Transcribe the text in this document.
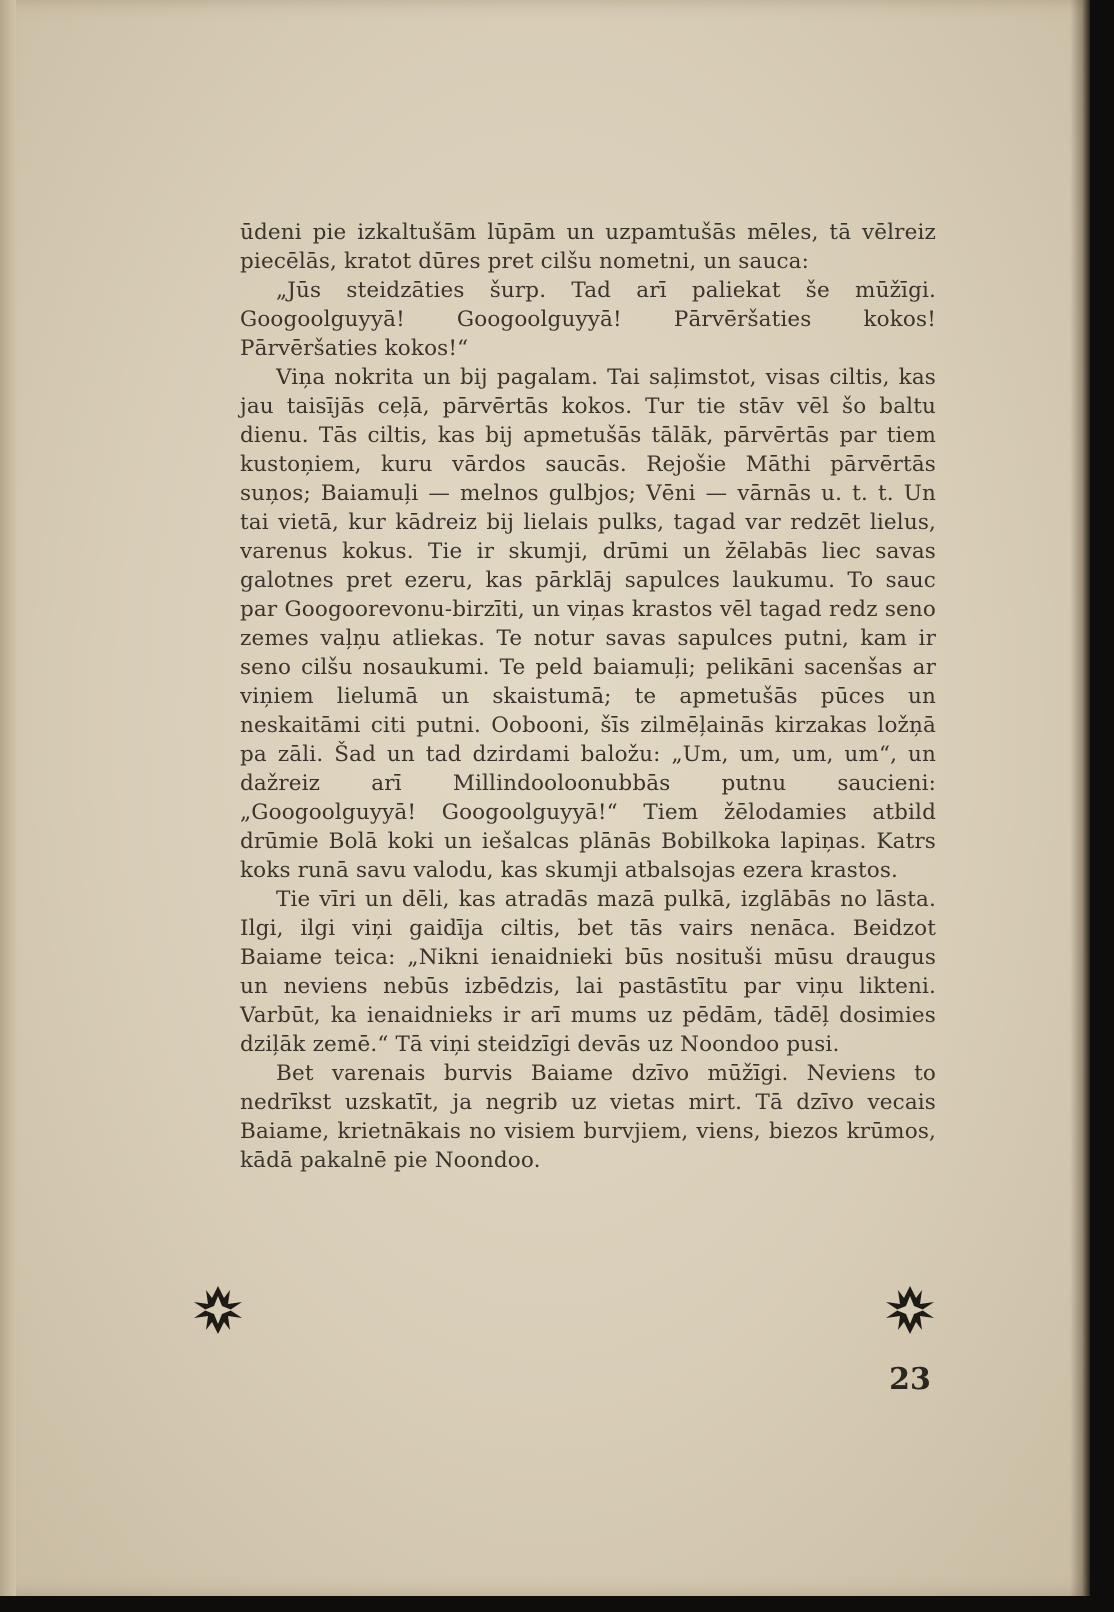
ūdeni pie izkaltušām lūpām un uzpamtušās mēles, tā vēlreiz piecēlās, kratot dūres pret cilšu nometni, un sauca:

„Jūs steidzāties šurp. Tad arī paliekat še mūžīgi. Googoolguyyā! Googoolguyyā! Pārvēršaties kokos! Pārvēršaties kokos!“

Viņa nokrita un bij pagalam. Tai saļimstot, visas ciltis, kas jau taisījās ceļā, pārvērtās kokos. Tur tie stāv vēl šo baltu dienu. Tās ciltis, kas bij apmetušās tālāk, pārvērtās par tiem kustoņiem, kuru vārdos saucās. Rejošie Māthi pārvērtās suņos; Baiamuļi — melnos gulbjos; Vēni — vārnās u. t. t. Un tai vietā, kur kādreiz bij lielais pulks, tagad var redzēt lielus, varenus kokus. Tie ir skumji, drūmi un žēlabās liec savas galotnes pret ezeru, kas pārklāj sapulces laukumu. To sauc par Googoorevonu-birzīti, un viņas krastos vēl tagad redz seno zemes vaļņu atliekas. Te notur savas sapulces putni, kam ir seno cilšu nosaukumi. Te peld baiamuļi; pelikāni sacenšas ar viņiem lielumā un skaistumā; te apmetušās pūces un neskaitāmi citi putni. Oobooni, šīs zilmēļainās kirzakas ložņā pa zāli. Šad un tad dzirdami baložu: „Um, um, um, um“, un dažreiz arī Millindooloonubbās putnu saucieni: „Googoolguyyā! Googoolguyyā!“ Tiem žēlodamies atbild drūmie Bolā koki un iešalcas plānās Bobilkoka lapiņas. Katrs koks runā savu valodu, kas skumji atbalsojas ezera krastos.

Tie vīri un dēli, kas atradās mazā pulkā, izglābās no lāsta. Ilgi, ilgi viņi gaidīja ciltis, bet tās vairs nenāca. Beidzot Baiame teica: „Nikni ienaidnieki būs nosituši mūsu draugus un neviens nebūs izbēdzis, lai pastāstītu par viņu likteni. Varbūt, ka ienaidnieks ir arī mums uz pēdām, tādēļ dosimies dziļāk zemē.“ Tā viņi steidzīgi devās uz Noondoo pusi.

Bet varenais burvis Baiame dzīvo mūžīgi. Neviens to nedrīkst uzskatīt, ja negrib uz vietas mirt. Tā dzīvo vecais Baiame, krietnākais no visiem burvjiem, viens, biezos krūmos, kādā pakalnē pie Noondoo.

23
